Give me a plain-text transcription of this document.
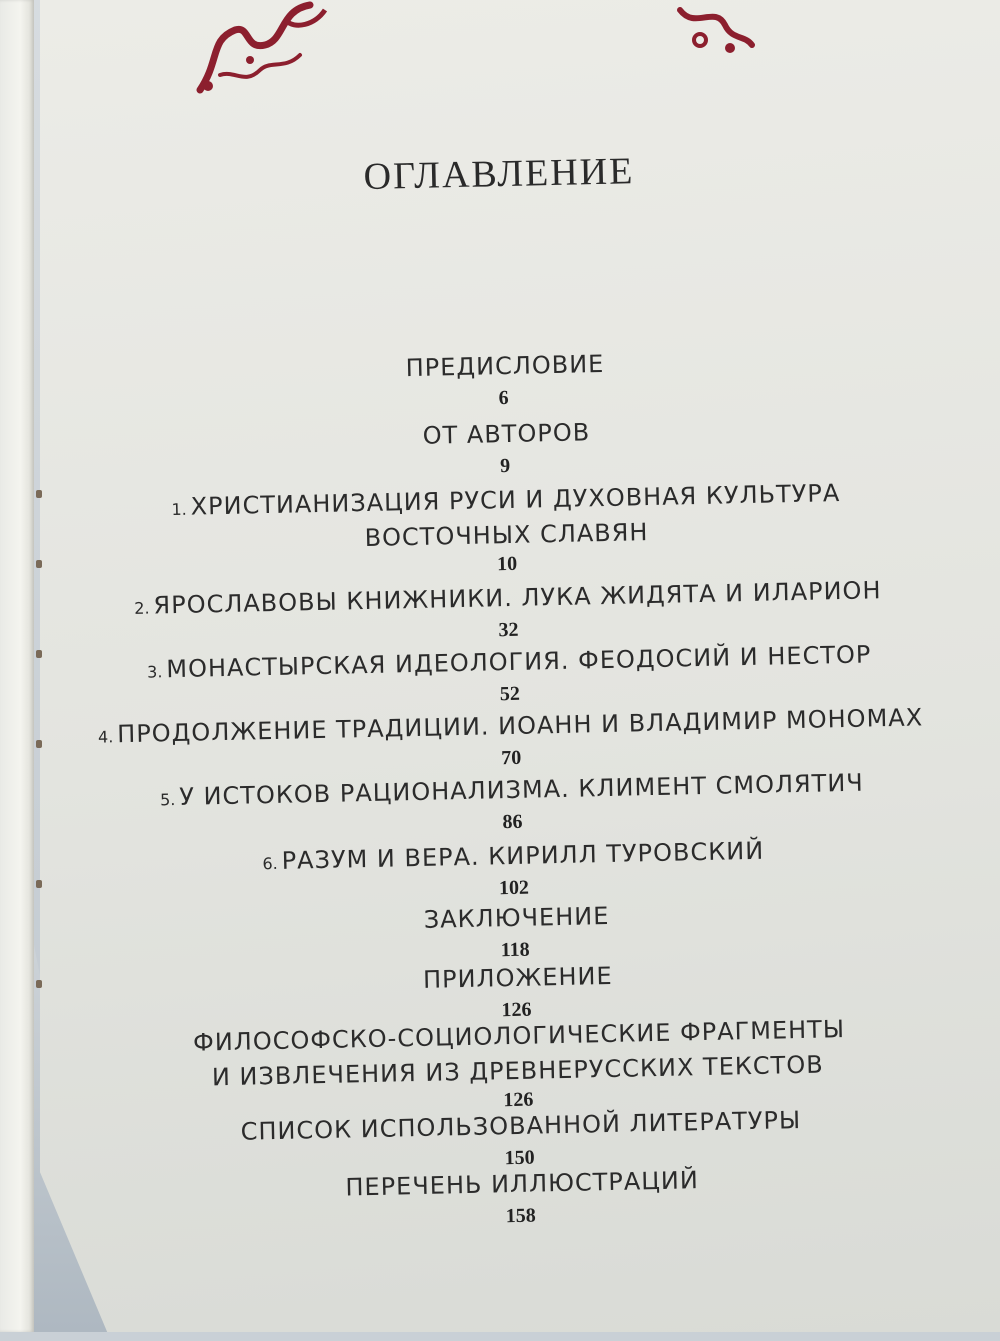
ОГЛАВЛЕНИЕ
ПРЕДИСЛОВИЕ
6
ОТ АВТОРОВ
9
1. ХРИСТИАНИЗАЦИЯ РУСИ И ДУХОВНАЯ КУЛЬТУРА
ВОСТОЧНЫХ СЛАВЯН
10
2. ЯРОСЛАВОВЫ КНИЖНИКИ. ЛУКА ЖИДЯТА И ИЛАРИОН
32
3. МОНАСТЫРСКАЯ ИДЕОЛОГИЯ. ФЕОДОСИЙ И НЕСТОР
52
4. ПРОДОЛЖЕНИЕ ТРАДИЦИИ. ИОАНН И ВЛАДИМИР МОНОМАХ
70
5. У ИСТОКОВ РАЦИОНАЛИЗМА. КЛИМЕНТ СМОЛЯТИЧ
86
6. РАЗУМ И ВЕРА. КИРИЛЛ ТУРОВСКИЙ
102
ЗАКЛЮЧЕНИЕ
118
ПРИЛОЖЕНИЕ
126
ФИЛОСОФСКО-СОЦИОЛОГИЧЕСКИЕ ФРАГМЕНТЫ
И ИЗВЛЕЧЕНИЯ ИЗ ДРЕВНЕРУССКИХ ТЕКСТОВ
126
СПИСОК ИСПОЛЬЗОВАННОЙ ЛИТЕРАТУРЫ
150
ПЕРЕЧЕНЬ ИЛЛЮСТРАЦИЙ
158
